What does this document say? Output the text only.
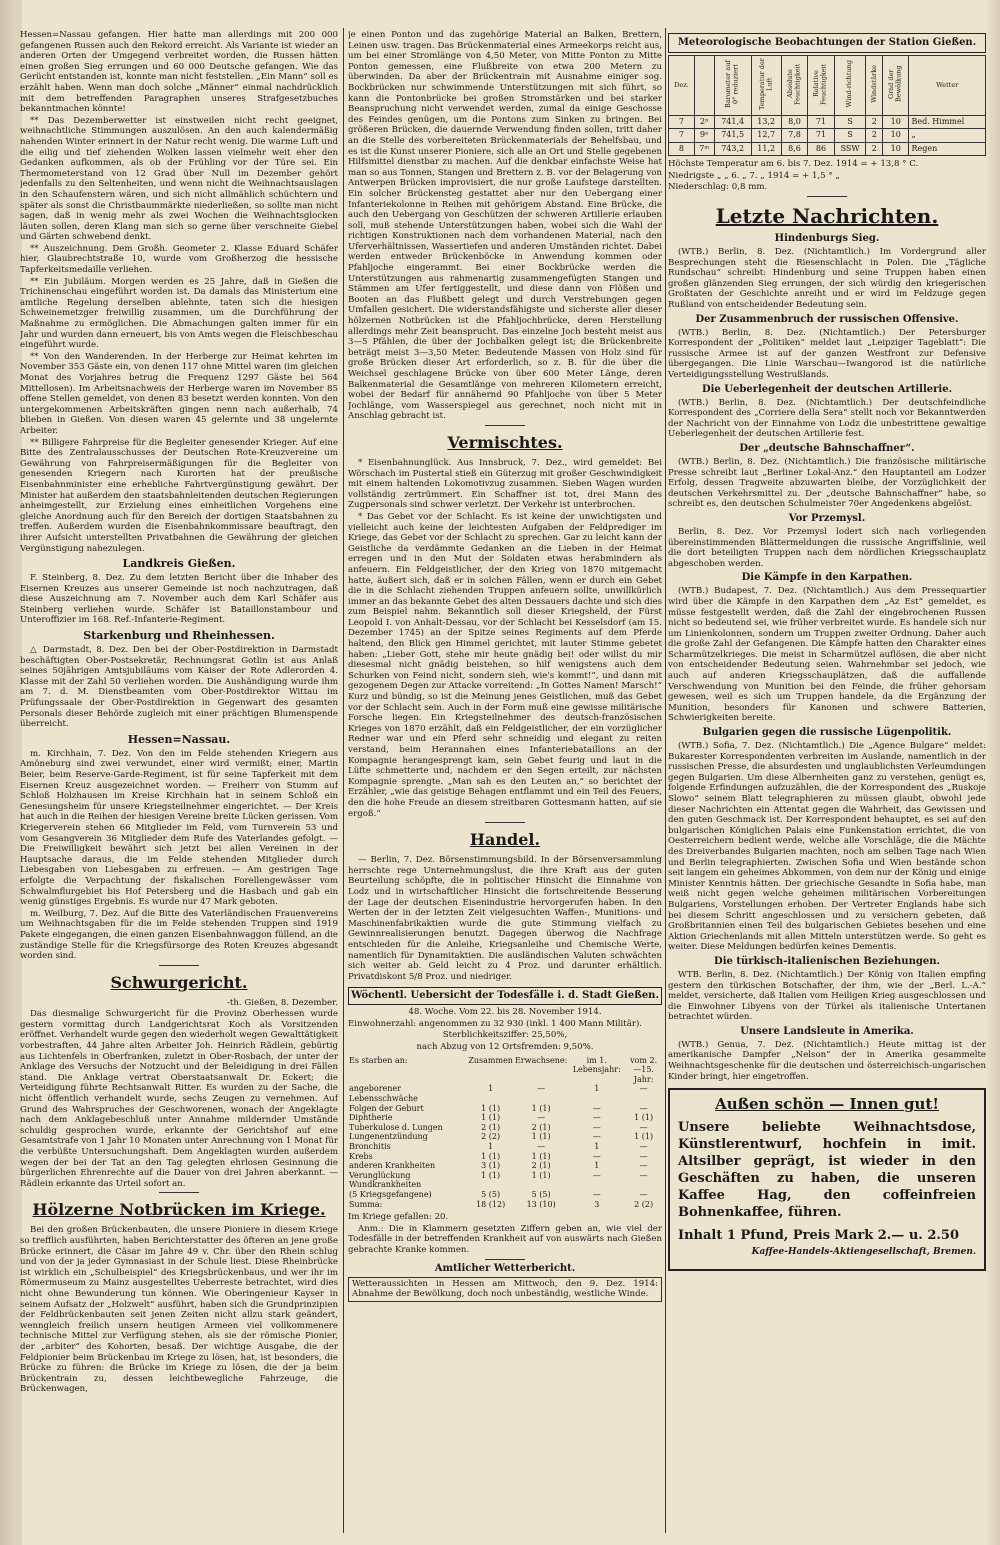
Hessen=Nassau gefangen. Hier hatte man allerdings mit 200 000 gefangenen Russen auch den Rekord erreicht. Als Variante ist wieder an anderen Orten der Umgegend verbreitet worden, die Russen hätten einen großen Sieg errungen und 60 000 Deutsche gefangen. Wie das Gerücht entstanden ist, konnte man nicht feststellen. „Ein Mann“ soll es erzählt haben. Wenn man doch solche „Männer“ einmal nachdrücklich mit dem betreffenden Paragraphen unseres Strafgesetzbuches bekanntmachen könnte!

** Das Dezemberwetter ist einstweilen nicht recht geeignet, weihnachtliche Stimmungen auszulösen. An den auch kalendermäßig nahenden Winter erinnert in der Natur recht wenig. Die warme Luft und die eilig und tief ziehenden Wolken lassen vielmehr weit eher den Gedanken aufkommen, als ob der Frühling vor der Türe sei. Ein Thermometerstand von 12 Grad über Null im Dezember gehört jedenfalls zu den Seltenheiten, und wenn nicht die Weihnachtsauslagen in den Schaufenstern wären, und sich nicht allmählich schüchtern und später als sonst die Christbaummärkte niederließen, so sollte man nicht sagen, daß in wenig mehr als zwei Wochen die Weihnachtsglocken läuten sollen, deren Klang man sich so gerne über verschneite Giebel und Gärten schwebend denkt.

** Auszeichnung. Dem Großh. Geometer 2. Klasse Eduard Schäfer hier, Glaubrechtstraße 10, wurde vom Großherzog die hessische Tapferkeitsmedaille verliehen.

** Ein Jubiläum. Morgen werden es 25 Jahre, daß in Gießen die Trichinenschau eingeführt worden ist. Da damals das Ministerium eine amtliche Regelung derselben ablehnte, taten sich die hiesigen Schweinemetzger freiwillig zusammen, um die Durchführung der Maßnahme zu ermöglichen. Die Abmachungen galten immer für ein Jahr und wurden dann erneuert, bis von Amts wegen die Fleischbeschau eingeführt wurde.

** Von den Wanderenden. In der Herberge zur Heimat kehrten im November 353 Gäste ein, von denen 117 ohne Mittel waren (im gleichen Monat des Vorjahres betrug die Frequenz 1297 Gäste bei 564 Mittellosen). Im Arbeitsnachweis der Herberge waren im November 85 offene Stellen gemeldet, von denen 83 besetzt werden konnten. Von den untergekommenen Arbeitskräften gingen nenn nach außerhalb, 74 blieben in Gießen. Von diesen waren 45 gelernte und 38 ungelernte Arbeiter.

** Billigere Fahrpreise für die Begleiter genesender Krieger. Auf eine Bitte des Zentralausschusses der Deutschen Rote-Kreuzvereine um Gewährung von Fahrpreisermäßigungen für die Begleiter von genesenden Kriegern nach Kurorten hat der preußische Eisenbahnminister eine erhebliche Fahrtvergünstigung gewährt. Der Minister hat außerdem den staatsbahnleitenden deutschen Regierungen anheimgestellt, zur Erzielung eines einheitlichen Vorgehens eine gleiche Anordnung auch für den Bereich der dortigen Staatsbahnen zu treffen. Außerdem wurden die Eisenbahnkommissare beauftragt, den ihrer Aufsicht unterstellten Privatbahnen die Gewährung der gleichen Vergünstigung nahezulegen.

Landkreis Gießen.

F. Steinberg, 8. Dez. Zu dem letzten Bericht über die Inhaber des Eisernen Kreuzes aus unserer Gemeinde ist noch nachzutragen, daß diese Auszeichnung am 7. November auch dem Karl Schäfer aus Steinberg verliehen wurde. Schäfer ist Bataillonstambour und Unteroffizier im 168. Ref.-Infanterie-Regiment.

Starkenburg und Rheinhessen.

△ Darmstadt, 8. Dez. Den bei der Ober-Postdirektion in Darmstadt beschäftigten Ober-Postsekretär, Rechnungsrat Gotlin ist aus Anlaß seines 50jährigen Amtsjubiläums vom Kaiser der Rote Adlerorden 4. Klasse mit der Zahl 50 verliehen worden. Die Aushändigung wurde ihm am 7. d. M. Dienstbeamten vom Ober-Postdirektor Wittau im Prüfungssaale der Ober-Postdirektion in Gegenwart des gesamten Personals dieser Behörde zugleich mit einer prächtigen Blumenspende überreicht.

Hessen=Nassau.

m. Kirchhain, 7. Dez. Von den im Felde stehenden Kriegern aus Amöneburg sind zwei verwundet, einer wird vermißt; einer, Martin Beier, beim Reserve-Garde-Regiment, ist für seine Tapferkeit mit dem Eisernen Kreuz ausgezeichnet worden. — Freiherr von Stumm auf Schloß Holzhausen im Kreise Kirchhain hat in seinem Schloß ein Genesungsheim für unsere Kriegsteilnehmer eingerichtet. — Der Kreis hat auch in die Reihen der hiesigen Vereine breite Lücken gerissen. Vom Kriegerverein stehen 66 Mitglieder im Feld, vom Turnverein 53 und vom Gesangverein 36 Mitglieder dem Rufe des Vaterlandes gefolgt. — Die Freiwilligkeit bewährt sich jetzt bei allen Vereinen in der Hauptsache daraus, die im Felde stehenden Mitglieder durch Liebesgaben von Liebesgaben zu erfreuen. — Am gestrigen Tage erfolgte die Verpachtung der fiskalischen Forellengewässer vom Schwalmflurgebiet bis Hof Petersberg und die Hasbach und gab ein wenig günstiges Ergebnis. Es wurde nur 47 Mark geboten.

m. Weilburg, 7. Dez. Auf die Bitte des Vaterländischen Frauenvereins um Weihnachtsgaben für die im Felde stehenden Truppen sind 1919 Pakete eingegangen, die einen ganzen Eisenbahnwaggon füllend, an die zuständige Stelle für die Kriegsfürsorge des Roten Kreuzes abgesandt worden sind.

Schwurgericht.

-th. Gießen, 8. Dezember.

Das diesmalige Schwurgericht für die Provinz Oberhessen wurde gestern vormittag durch Landgerichtsrat Koch als Vorsitzenden eröffnet. Verhandelt wurde gegen den wiederholt wegen Gewalttätigkeit vorbestraften, 44 Jahre alten Arbeiter Joh. Heinrich Rädlein, gebürtig aus Lichtenfels in Oberfranken, zuletzt in Ober-Rosbach, der unter der Anklage des Versuchs der Notzucht und der Beleidigung in drei Fällen stand. Die Anklage vertrat Oberstaatsanwalt Dr. Eckert; die Verteidigung führte Rechtsanwalt Ritter. Es wurden zu der Sache, die nicht öffentlich verhandelt wurde, sechs Zeugen zu vernehmen. Auf Grund des Wahrspruches der Geschworenen, wonach der Angeklagte nach dem Anklagebeschluß unter Annahme mildernder Umstände schuldig gesprochen wurde, erkannte der Gerichtshof auf eine Gesamtstrafe von 1 Jahr 10 Monaten unter Anrechnung von 1 Monat für die verbüßte Untersuchungshaft. Dem Angeklagten wurden außerdem wegen der bei der Tat an den Tag gelegten ehrlosen Gesinnung die bürgerlichen Ehrenrechte auf die Dauer von drei Jahren aberkannt. — Rädlein erkannte das Urteil sofort an.

Hölzerne Notbrücken im Kriege.

Bei den großen Brückenbauten, die unsere Pioniere in diesem Kriege so trefflich ausführten, haben Berichterstatter des öfteren an jene große Brücke erinnert, die Cäsar im Jahre 49 v. Chr. über den Rhein schlug und von der ja jeder Gymnasiast in der Schule liest. Diese Rheinbrücke ist wirklich ein „Schulbeispiel“ des Kriegsbrückenbaus, und wer ihr im Römermuseum zu Mainz ausgestelltes Ueberreste betrachtet, wird dies nicht ohne Bewunderung tun können. Wie Oberingenieur Kayser in seinem Aufsatz der „Holzwelt“ ausführt, haben sich die Grundprinzipien der Feldbrückenbauten seit jenen Zeiten nicht allzu stark geändert, wenngleich freilich unsern heutigen Armeen viel vollkommenere technische Mittel zur Verfügung stehen, als sie der römische Pionier, der „arbiter“ des Kohorten, besaß. Der wichtige Ausgabe, die der Feldpionier beim Brückenbau im Kriege zu lösen, hat, ist besonders, die Brücke zu führen: die Brücke im Kriege zu lösen, die der ja beim Brückentrain zu, dessen leichtbewegliche Fahrzeuge, die Brückenwagen,

je einen Ponton und das zugehörige Material an Balken, Brettern, Leinen usw. tragen. Das Brückenmaterial eines Armeekorps reicht aus, um bei einer Stromlänge von 4,50 Meter, von Mitte Ponton zu Mitte Ponton gemessen, eine Flußbreite von etwa 200 Metern zu überwinden. Da aber der Brückentrain mit Ausnahme einiger sog. Bockbrücken nur schwimmende Unterstützungen mit sich führt, so kann die Pontonbrücke bei großen Stromstärken und bei starker Beanspruchung nicht verwendet werden, zumal da einige Geschosse des Feindes genügen, um die Pontons zum Sinken zu bringen. Bei größeren Brücken, die dauernde Verwendung finden sollen, tritt daher an die Stelle des vorbereiteten Brückenmaterials der Behelfsbau, und es ist die Kunst unserer Pioniere, sich alle an Ort und Stelle gegebenen Hilfsmittel dienstbar zu machen. Auf die denkbar einfachste Weise hat man so aus Tonnen, Stangen und Brettern z. B. vor der Belagerung von Antwerpen Brücken improvisiert, die nur große Laufstege darstellten. Ein solcher Brückensteg gestattet aber nur den Uebergang einer Infanteriekolonne in Reihen mit gehörigem Abstand. Eine Brücke, die auch den Uebergang von Geschützen der schweren Artillerie erlauben soll, muß stehende Unterstützungen haben, wobei sich die Wahl der richtigen Konstruktionen nach dem vorhandenen Material, nach den Uferverhältnissen, Wassertiefen und anderen Umständen richtet. Dabei werden entweder Brückenböcke in Anwendung kommen oder Pfahljoche eingerammt. Bei einer Bockbrücke werden die Unterstützungen aus rahmenartig zusammengefügten Stangen und Stämmen am Ufer fertiggestellt, und diese dann von Flößen und Booten an das Flußbett gelegt und durch Verstrebungen gegen Umfallen gesichert. Die widerstandsfähigste und sicherste aller dieser hölzernen Notbrücken ist die Pfahljochbrücke, deren Herstellung allerdings mehr Zeit beansprucht. Das einzelne Joch besteht meist aus 3—5 Pfählen, die über der Jochbalken gelegt ist; die Brückenbreite beträgt meist 3—3,50 Meter. Bedeutende Massen von Holz sind für große Brücken dieser Art erforderlich, so z. B. für die über die Weichsel geschlagene Brücke von über 600 Meter Länge, deren Balkenmaterial die Gesamtlänge von mehreren Kilometern erreicht, wobei der Bedarf für annähernd 90 Pfahljoche von über 5 Meter Jochlänge, vom Wasserspiegel aus gerechnet, noch nicht mit in Anschlag gebracht ist.

Vermischtes.

* Eisenbahnunglück. Aus Innsbruck, 7. Dez., wird gemeldet: Bei Wörschach im Pustertal stieß ein Güterzug mit großer Geschwindigkeit mit einem haltenden Lokomotivzug zusammen. Sieben Wagen wurden vollständig zertrümmert. Ein Schaffner ist tot, drei Mann des Zugpersonals sind schwer verletzt. Der Verkehr ist unterbrochen.

* Das Gebet vor der Schlacht. Es ist keine der unwichtigsten und vielleicht auch keine der leichtesten Aufgaben der Feldprediger im Kriege, das Gebet vor der Schlacht zu sprechen. Gar zu leicht kann der Geistliche da verdämmte Gedanken an die Lieben in der Heimat erregen und in den Mut der Soldaten etwas herabmindern als anfeuern. Ein Feldgeistlicher, der den Krieg von 1870 mitgemacht hatte, äußert sich, daß er in solchen Fällen, wenn er durch ein Gebet die in die Schlacht ziehenden Truppen anfeuern sollte, unwillkürlich immer an das bekannte Gebet des alten Dessauers dachte und sich dies zum Beispiel nahm. Bekanntlich soll dieser Kriegsheld, der Fürst Leopold I. von Anhalt-Dessau, vor der Schlacht bei Kesselsdorf (am 15. Dezember 1745) an der Spitze seines Regiments auf dem Pferde haltend, den Blick gen Himmel gerichtet, mit lauter Stimme gebetet haben: „Lieber Gott, stehe mir heute gnädig bei! oder willst du mir diesesmal nicht gnädig beistehen, so hilf wenigstens auch dem Schurken von Feind nicht, sondern sieh, wie's kommt!“, und dann mit gezogenem Degen zur Attacke vorreitend: „In Gottes Namen! Marsch!“ Kurz und bündig, so ist die Meinung jenes Geistlichen, muß das Gebet vor der Schlacht sein. Auch in der Form muß eine gewisse militärische Forsche liegen. Ein Kriegsteilnehmer des deutsch-französischen Krieges von 1870 erzählt, daß ein Feldgeistlicher, der ein vorzüglicher Redner war und ein Pferd sehr schneidig und elegant zu reiten verstand, beim Herannahen eines Infanteriebataillons an der Kompagnie herangesprengt kam, sein Gebet feurig und laut in die Lüfte schmetterte und, nachdem er den Segen erteilt, zur nächsten Kompagnie sprengte. „Man sah es den Leuten an,“ so berichtet der Erzähler, „wie das geistige Behagen entflammt und ein Teil des Feuers, den die hohe Freude an diesem streitbaren Gottesmann hatten, auf sie ergoß.“

Handel.

— Berlin, 7. Dez. Börsenstimmungsbild. In der Börsenversammlung herrschte rege Unternehmungslust, die ihre Kraft aus der guten Beurteilung schöpfte, die in politischer Hinsicht die Einnahme von Lodz und in wirtschaftlicher Hinsicht die fortschreitende Besserung der Lage der deutschen Eisenindustrie hervorgerufen haben. In den Werten der in der letzten Zeit vielgesuchten Waffen-, Munitions- und Maschinenfabrikaktien wurde die gute Stimmung vielfach zu Gewinnrealisierungen benutzt. Dagegen überwog die Nachfrage entschieden für die Anleihe, Kriegsanleihe und Chemische Werte, namentlich für Dynamitaktien. Die ausländischen Valuten schwächten sich weiter ab. Geld leicht zu 4 Proz. und darunter erhältlich. Privatdiskont 5/8 Proz. und niedriger.

Wöchentl. Uebersicht der Todesfälle i. d. Stadt Gießen.

48. Woche. Vom 22. bis 28. November 1914.

Einwohnerzahl: angenommen zu 32 930 (inkl. 1 400 Mann Militär).

Sterblichkeitsziffer: 25,50%,

nach Abzug von 12 Ortsfremden: 9,50%.

Es starben an:	Zusammen	Erwachsene:	im 1. Lebensjahr:	vom 2.—15. Jahr:
angeborener Lebensschwäche	1	—	1	—
Folgen der Geburt	1 (1)	1 (1)	—	—
Diphtherie	1 (1)	—	—	1 (1)
Tuberkulose d. Lungen	2 (1)	2 (1)	—	—
Lungenentzündung	2 (2)	1 (1)	—	1 (1)
Bronchitis	1	—	1	—
Krebs	1 (1)	1 (1)	—	—
anderen Krankheiten	3 (1)	2 (1)	1	—
Verunglückung	1 (1)	1 (1)	—	—
Wundkrankheiten				
(5 Kriegsgefangene)	5 (5)	5 (5)	—	—
Summa:	18 (12)	13 (10)	3	2 (2)

Im Kriege gefallen: 20.

Anm.: Die in Klammern gesetzten Ziffern geben an, wie viel der Todesfälle in der betreffenden Krankheit auf von auswärts nach Gießen gebrachte Kranke kommen.

Amtlicher Wetterbericht.

Wetteraussichten in Hessen am Mittwoch, den 9. Dez. 1914: Abnahme der Bewölkung, doch noch unbeständig, westliche Winde.

Meteorologische Beobachtungen der Station Gießen.
Dez.		Barometer auf 0° reduziert	Temperatur der Luft	Absolute Feuchtigkeit	Relative Feuchtigkeit	Wind-richtung	Windstärke	Grad der Bewölkung	Wetter
7	2ⁿ	741,4	13,2	8,0	71	S	2	10	Bed. Himmel
7	9ⁿ	741,5	12,7	7,8	71	S	2	10	„
8	7ᵐ	743,2	11,2	8,6	86	SSW	2	10	Regen

Höchste Temperatur am 6. bis 7. Dez. 1914 = + 13,8 ° C.

Niedrigste „ „ 6. „ 7. „ 1914 = + 1,5 ° „

Niederschlag: 0,8 mm.

Letzte Nachrichten.
Hindenburgs Sieg.

(WTB.) Berlin, 8. Dez. (Nichtamtlich.) Im Vordergrund aller Besprechungen steht die Riesenschlacht in Polen. Die „Tägliche Rundschau“ schreibt: Hindenburg und seine Truppen haben einen großen glänzenden Sieg errungen, der sich würdig den kriegerischen Großtaten der Geschichte anreiht und er wird im Feldzuge gegen Rußland von entscheidender Bedeutung sein.

Der Zusammenbruch der russischen Offensive.

(WTB.) Berlin, 8. Dez. (Nichtamtlich.) Der Petersburger Korrespondent der „Politiken“ meldet laut „Leipziger Tageblatt“: Die russische Armee ist auf der ganzen Westfront zur Defensive übergegangen. Die Linie Warschau—Iwangorod ist die natürliche Verteidigungsstellung Westrußlands.

Die Ueberlegenheit der deutschen Artillerie.

(WTB.) Berlin, 8. Dez. (Nichtamtlich.) Der deutschfeindliche Korrespondent des „Corriere della Sera“ stellt noch vor Bekanntwerden der Nachricht von der Einnahme von Lodz die unbestrittene gewaltige Ueberlegenheit der deutschen Artillerie fest.

Der „deutsche Bahnschaffner“.

(WTB.) Berlin, 8. Dez. (Nichtamtlich.) Die französische militärische Presse schreibt laut „Berliner Lokal-Anz.“ den Hauptanteil am Lodzer Erfolg, dessen Tragweite abzuwarten bleibe, der Vorzüglichkeit der deutschen Verkehrsmittel zu. Der „deutsche Bahnschaffner“ habe, so schreibt es, den deutschen Schulmeister 70er Angedenkens abgelöst.

Vor Przemysl.

Berlin, 8. Dez. Vor Przemysl lodert sich nach vorliegenden übereinstimmenden Blättermeldungen die russische Angriffslinie, weil die dort beteiligten Truppen nach dem nördlichen Kriegsschauplatz abgeschoben werden.

Die Kämpfe in den Karpathen.

(WTB.) Budapest, 7. Dez. (Nichtamtlich.) Aus dem Pressequartier wird über die Kämpfe in den Karpathen dem „Az Est“ gemeldet, es müsse festgestellt werden, daß die Zahl der eingebrochenen Russen nicht so bedeutend sei, wie früher verbreitet wurde. Es handele sich nur um Linienkolonnen, sondern um Truppen zweiter Ordnung. Daher auch die große Zahl der Gefangenen. Die Kämpfe hatten den Charakter eines Scharmützelkrieges. Die meist in Scharmützel auflösen, die aber nicht von entscheidender Bedeutung seien. Wahrnehmbar sei jedoch, wie auch auf anderen Kriegsschauplätzen, daß die auffallende Verschwendung von Munition bei den Feinde, die früher gehorsam gewesen, weil es sich um Truppen handele, da die Ergänzung der Munition, besonders für Kanonen und schwere Batterien, Schwierigkeiten bereite.

Bulgarien gegen die russische Lügenpolitik.

(WTB.) Sofia, 7. Dez. (Nichtamtlich.) Die „Agence Bulgare“ meldet: Bukarester Korrespondenten verbreiten im Auslande, namentlich in der russischen Presse, die absurdesten und unglaublichsten Verleumdungen gegen Bulgarien. Um diese Albernheiten ganz zu verstehen, genügt es, folgende Erfindungen aufzuzählen, die der Korrespondent des „Ruskoje Slowo“ seinem Blatt telegraphieren zu müssen glaubt, obwohl jede dieser Nachrichten ein Attentat gegen die Wahrheit, das Gewissen und den guten Geschmack ist. Der Korrespondent behauptet, es sei auf den bulgarischen Königlichen Palais eine Funkenstation errichtet, die von Oesterreichern bedient werde, welche alle Vorschläge, die die Mächte des Dreiverbandes Bulgarien machten, noch am selben Tage nach Wien und Berlin telegraphierten. Zwischen Sofia und Wien bestände schon seit langem ein geheimes Abkommen, von dem nur der König und einige Minister Kenntnis hätten. Der griechische Gesandte in Sofia habe, man weiß nicht gegen welche geheimen militärischen Vorbereitungen Bulgariens, Vorstellungen erhoben. Der Vertreter Englands habe sich bei diesem Schritt angeschlossen und zu versichern gebeten, daß Großbritannien einen Teil des bulgarischen Gebietes besehen und eine Aktion Griechenlands mit allen Mitteln unterstützen werde. So geht es weiter. Diese Meldungen bedürfen keines Dementis.

Die türkisch-italienischen Beziehungen.

WTB. Berlin, 8. Dez. (Nichtamtlich.) Der König von Italien empfing gestern den türkischen Botschafter, der ihm, wie der „Berl. L.-A.“ meldet, versicherte, daß Italien vom Heiligen Krieg ausgeschlossen und die Einwohner Libyens von der Türkei als italienische Untertanen betrachtet würden.

Unsere Landsleute in Amerika.

(WTB.) Genua, 7. Dez. (Nichtamtlich.) Heute mittag ist der amerikanische Dampfer „Nelson“ der in Amerika gesammelte Weihnachtsgeschenke für die deutschen und österreichisch-ungarischen Kinder bringt, hier eingetroffen.

Außen schön — Innen gut!
Unsere beliebte Weihnachtsdose, Künstlerentwurf, hochfein in imit. Altsilber geprägt, ist wieder in den Geschäften zu haben, die unseren Kaffee Hag, den coffeinfreien Bohnenkaffee, führen.
Inhalt 1 Pfund, Preis Mark 2.— u. 2.50
Kaffee-Handels-Aktiengesellschaft, Bremen.
